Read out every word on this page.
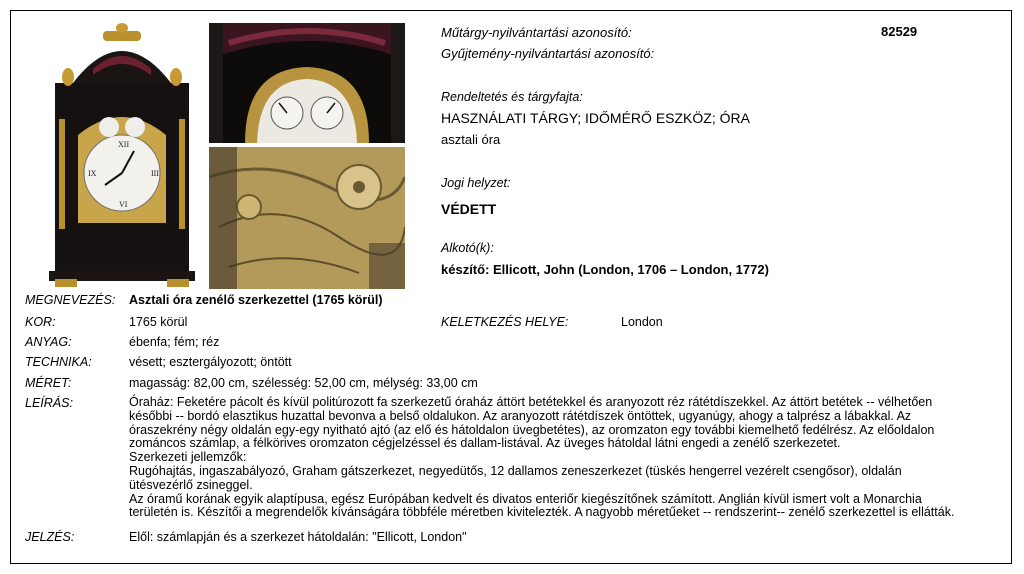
XII
III
VI
IX
Műtárgy-nyilvántartási azonosító:	82529
Gyűjtemény-nyilvántartási azonosító:
Rendeltetés és tárgyfajta:
HASZNÁLATI TÁRGY; IDŐMÉRŐ ESZKÖZ; ÓRA
asztali óra
Jogi helyzet:
VÉDETT
Alkotó(k):
készítő: Ellicott, John (London, 1706 – London, 1772)
MEGNEVEZÉS: Asztali óra zenélő szerkezettel (1765 körül)
KOR:	1765 körül	KELETKEZÉS HELYE:	London
ANYAG:	ébenfa; fém; réz
TECHNIKA:	vésett; esztergályozott; öntött
MÉRET:	magasság: 82,00 cm, szélesség: 52,00 cm, mélység: 33,00 cm
LEÍRÁS:	Óraház: Feketére pácolt és kívül politúrozott fa szerkezetű óraház áttört betétekkel és aranyozott réz rátétdíszekkel. Az áttört betétek -- vélhetően
későbbi -- bordó elasztikus huzattal bevonva a belső oldalukon. Az aranyozott rátétdíszek öntöttek, ugyanúgy, ahogy a talprész a lábakkal. Az
óraszekrény négy oldalán egy-egy nyitható ajtó (az elő és hátoldalon üvegbetétes), az oromzaton egy további kiemelhető fedélrész. Az előoldalon
zománcos számlap, a félkörives oromzaton cégjelzéssel és dallam-listával. Az üveges hátoldal látni engedi a zenélő szerkezetet.
Szerkezeti jellemzők:
Rugóhajtás, ingaszabályozó, Graham gátszerkezet, negyedütős, 12 dallamos zeneszerkezet (tüskés hengerrel vezérelt csengősor), oldalán
ütésvezérlő zsineggel.
Az óramű korának egyik alaptípusa, egész Európában kedvelt és divatos enteriőr kiegészítőnek számított. Anglián kívül ismert volt a Monarchia
területén is. Készítői a megrendelők kívánságára többféle méretben kivitelezték. A nagyobb méretűeket -- rendszerint-- zenélő szerkezettel is ellátták.
JELZÉS:	Elől: számlapján és a szerkezet hátoldalán: "Ellicott, London"
